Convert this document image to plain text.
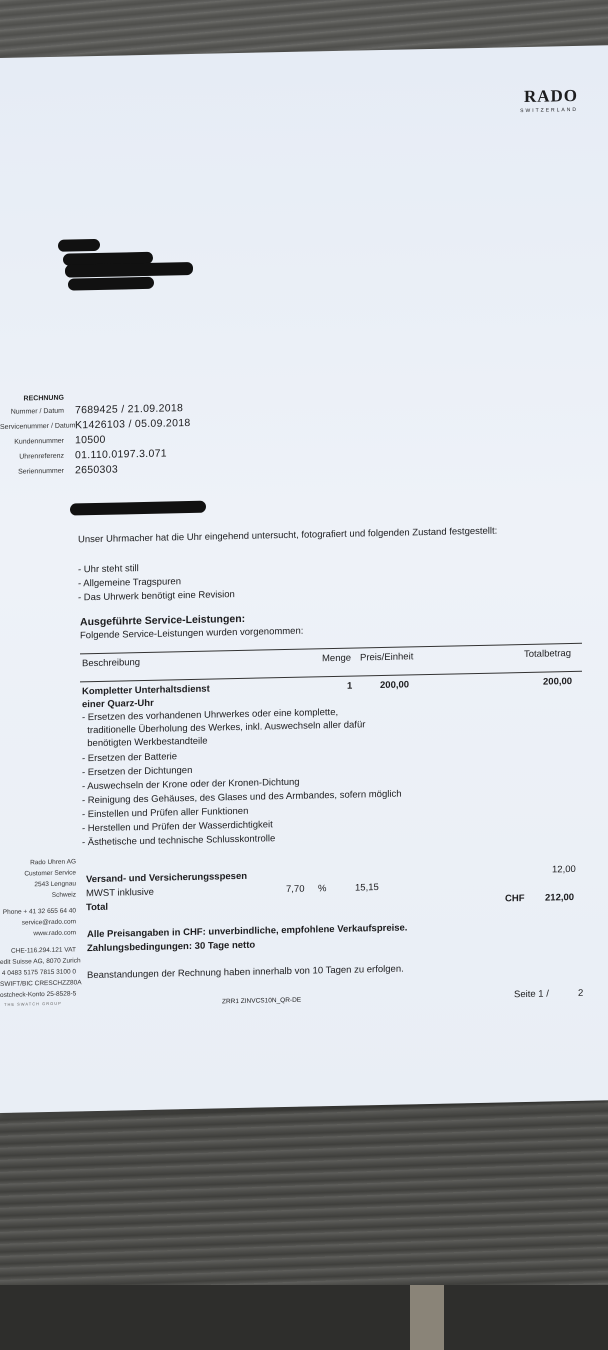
RADO
SWITZERLAND
RECHNUNG
Nummer / Datum 7689425 / 21.09.2018
Servicenummer / Datum K1426103 / 05.09.2018
Kundennummer 10500
Uhrenreferenz 01.110.0197.3.071
Seriennummer 2650303
Unser Uhrmacher hat die Uhr eingehend untersucht, fotografiert und folgenden Zustand festgestellt:
- Uhr steht still
- Allgemeine Tragspuren
- Das Uhrwerk benötigt eine Revision
Ausgeführte Service-Leistungen:
Folgende Service-Leistungen wurden vorgenommen:
Beschreibung	Menge Preis/Einheit	Totalbetrag
Kompletter Unterhaltsdienst
einer Quarz-Uhr
1	200,00	200,00
- Ersetzen des vorhandenen Uhrwerkes oder eine komplette,
traditionelle Überholung des Werkes, inkl. Auswechseln aller dafür
benötigten Werkbestandteile
- Ersetzen der Batterie
- Ersetzen der Dichtungen
- Auswechseln der Krone oder der Kronen-Dichtung
- Reinigung des Gehäuses, des Glases und des Armbandes, sofern möglich
- Einstellen und Prüfen aller Funktionen
- Herstellen und Prüfen der Wasserdichtigkeit
- Ästhetische und technische Schlusskontrolle
Rado Uhren AG
Customer Service
2543 Lengnau
Schweiz
Phone + 41 32 655 64 40
service@rado.com
www.rado.com
CHE-116.294.121 VAT
edit Suisse AG, 8070 Zurich
4 0483 5175 7815 3100 0
SWIFT/BIC CRESCHZZ80A
ostcheck-Konto 25-8528-5
THE SWATCH GROUP
Versand- und Versicherungsspesen
12,00
MWST inklusive	7,70 %	15,15
Total
CHF 212,00
Alle Preisangaben in CHF: unverbindliche, empfohlene Verkaufspreise.
Zahlungsbedingungen: 30 Tage netto
Beanstandungen der Rechnung haben innerhalb von 10 Tagen zu erfolgen.
ZRR1 ZINVCS10N_QR-DE
Seite 1 /	2
